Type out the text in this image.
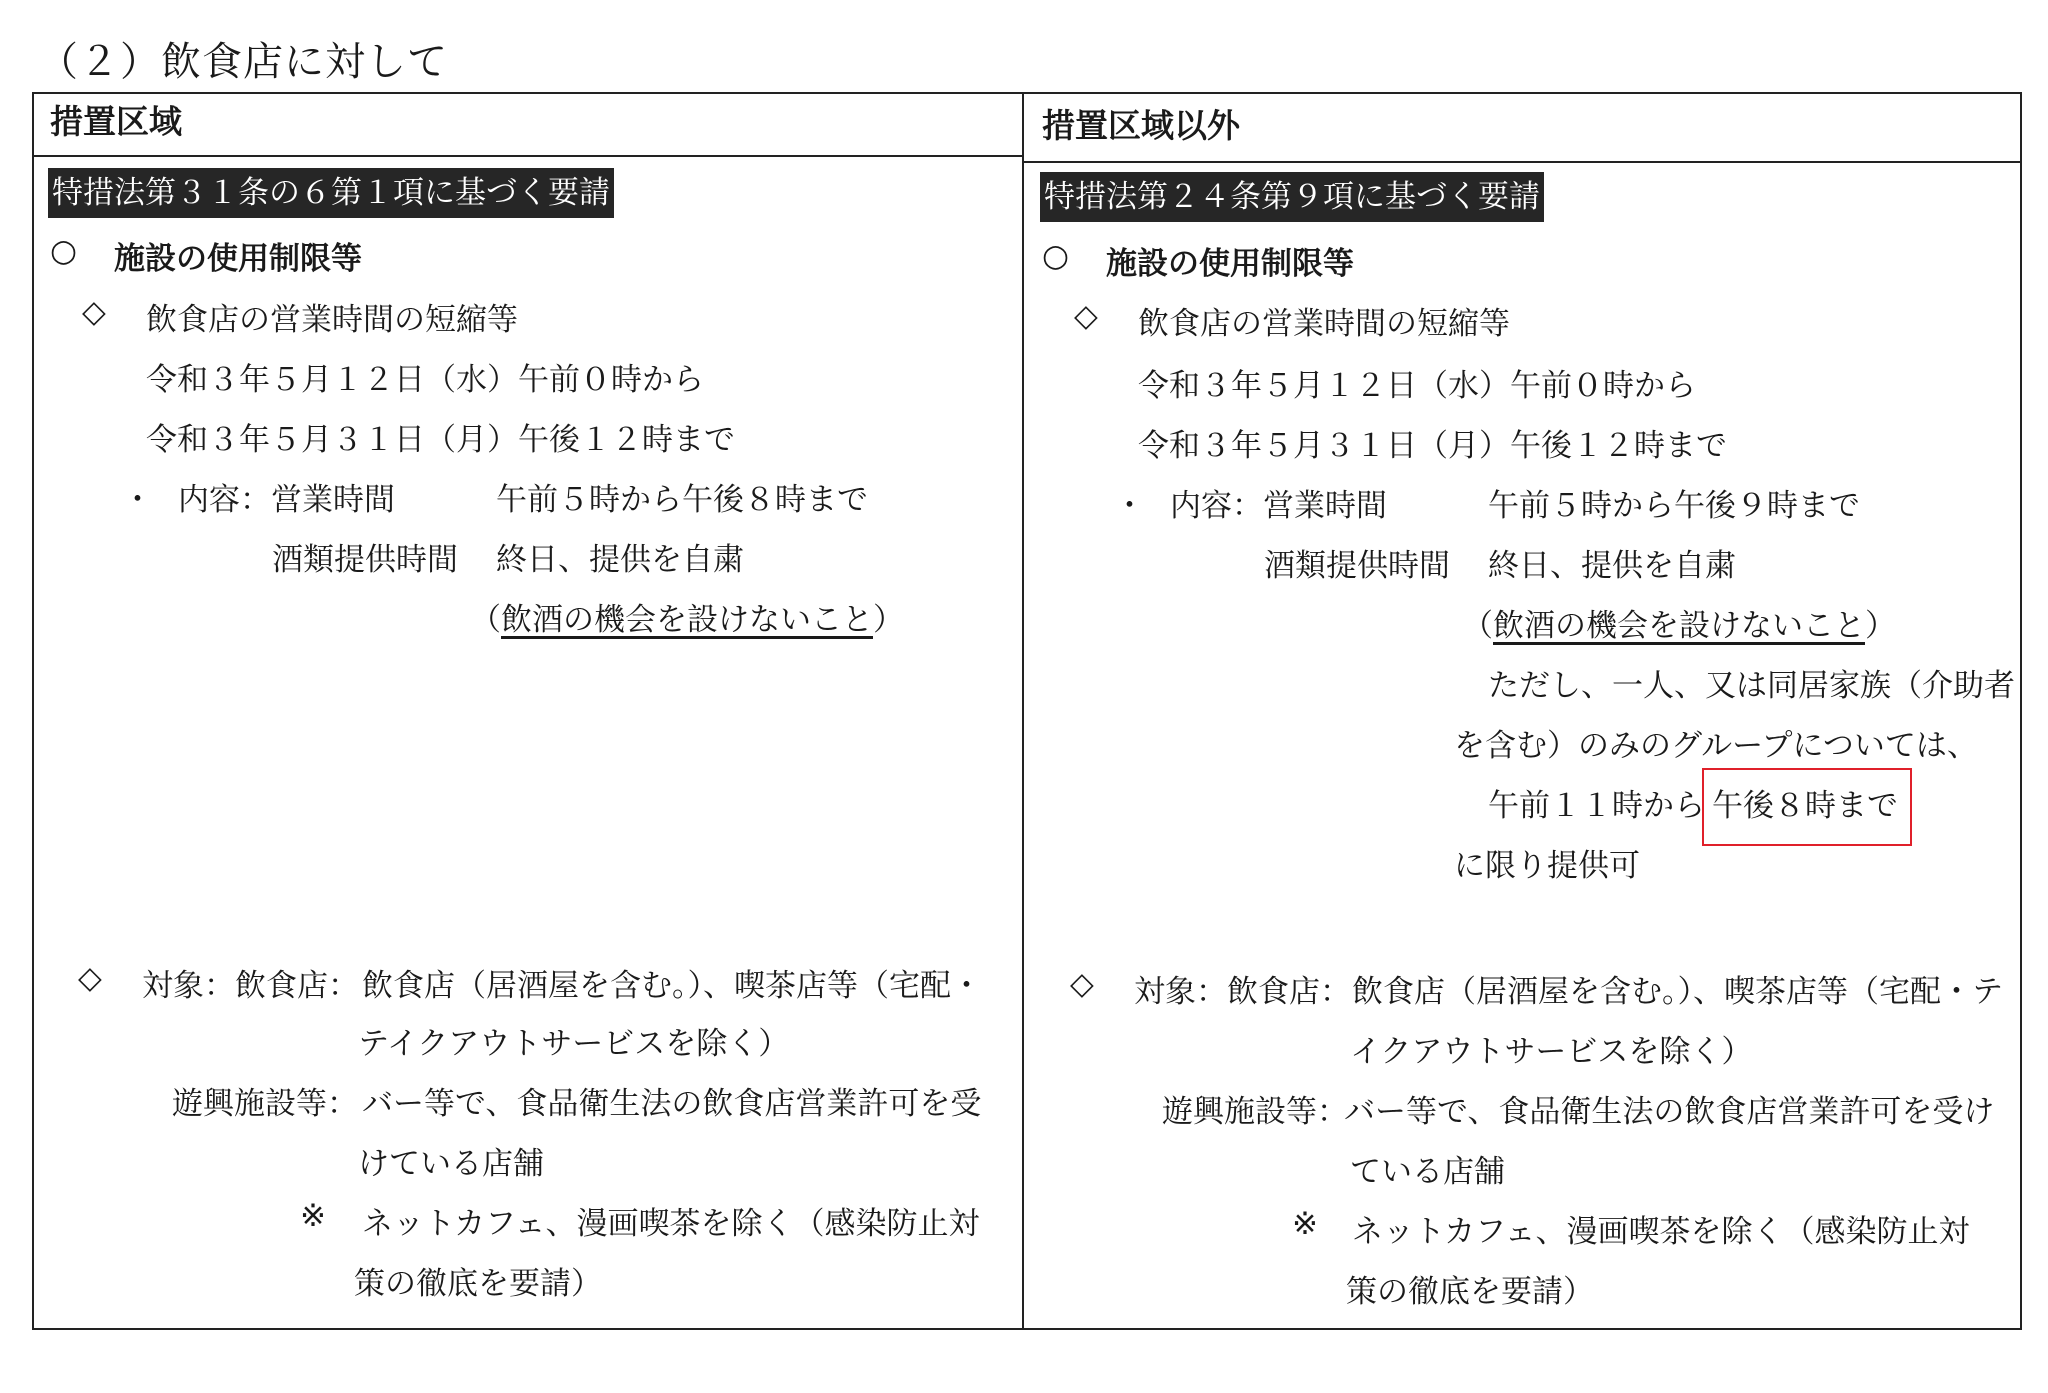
（２）飲食店に対して
措置区域
特措法第３１条の６第１項に基づく要請
○ 施設の使用制限等
◇ 飲食店の営業時間の短縮等
令和３年５月１２日（水）午前０時から
令和３年５月３１日（月）午後１２時まで
・ 内容：営業時間	午前５時から午後８時まで
酒類提供時間 終日、提供を自粛
（飲酒の機会を設けないこと）
◇ 対象：飲食店： 飲食店（居酒屋を含む。）、喫茶店等（宅配・
テイクアウトサービスを除く）
遊興施設等： バー等で、食品衛生法の飲食店営業許可を受
けている店舗
※ ネットカフェ、漫画喫茶を除く（感染防止対
策の徹底を要請）
措置区域以外
特措法第２４条第９項に基づく要請
○ 施設の使用制限等
◇ 飲食店の営業時間の短縮等
令和３年５月１２日（水）午前０時から
令和３年５月３１日（月）午後１２時まで
・ 内容：営業時間	午前５時から午後９時まで
酒類提供時間 終日、提供を自粛
（飲酒の機会を設けないこと）
ただし、一人、又は同居家族（介助者
を含む）のみのグループについては、
午前１１時から 午後８時まで
に限り提供可
◇ 対象：飲食店： 飲食店（居酒屋を含む。）、喫茶店等（宅配・テ
イクアウトサービスを除く）
遊興施設等：
バー等で、食品衛生法の飲食店営業許可を受け
ている店舗
※ ネットカフェ、漫画喫茶を除く（感染防止対
策の徹底を要請）
